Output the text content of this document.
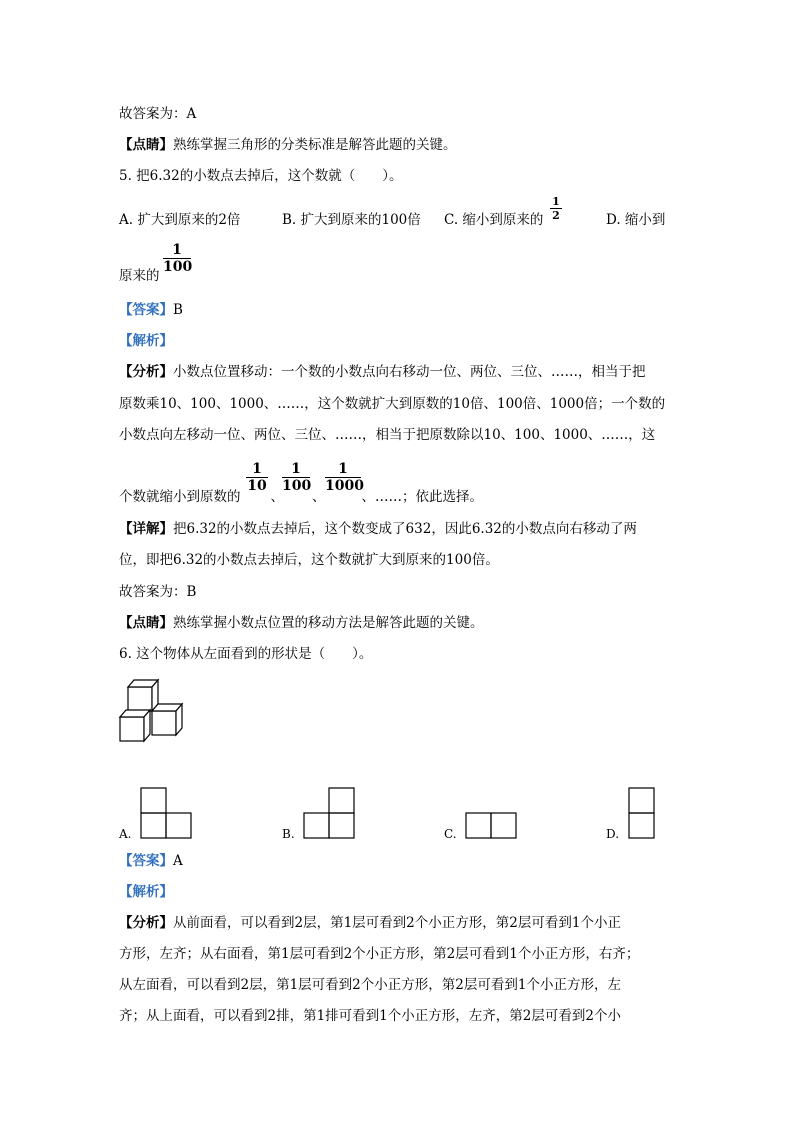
故答案为：A
【点睛】熟练掌握三角形的分类标准是解答此题的关键。
5. 把6.32的小数点去掉后，这个数就（　　）。
A. 扩大到原来的2倍	B. 扩大到原来的100倍 C. 缩小到原来的
1
2	D. 缩小到
原来的
1
100
【答案】B
【解析】
【分析】小数点位置移动：一个数的小数点向右移动一位、两位、三位、……，相当于把
原数乘10、100、1000、……，这个数就扩大到原数的10倍、100倍、1000倍；一个数的
小数点向左移动一位、两位、三位、……，相当于把原数除以10、100、1000、……，这
个数就缩小到原数的 、 、	、……；依此选择。
1
10
1
100
1
1000
【详解】把6.32的小数点去掉后，这个数变成了632，因此6.32的小数点向右移动了两
位，即把6.32的小数点去掉后，这个数就扩大到原来的100倍。
故答案为：B
【点睛】熟练掌握小数点位置的移动方法是解答此题的关键。
6. 这个物体从左面看到的形状是（　　）。
A.	B.	C.	D.
【答案】A
【解析】
【分析】从前面看，可以看到2层，第1层可看到2个小正方形，第2层可看到1个小正
方形，左齐；从右面看，第1层可看到2个小正方形，第2层可看到1个小正方形，右齐；
从左面看，可以看到2层，第1层可看到2个小正方形，第2层可看到1个小正方形，左
齐；从上面看，可以看到2排，第1排可看到1个小正方形，左齐，第2层可看到2个小
